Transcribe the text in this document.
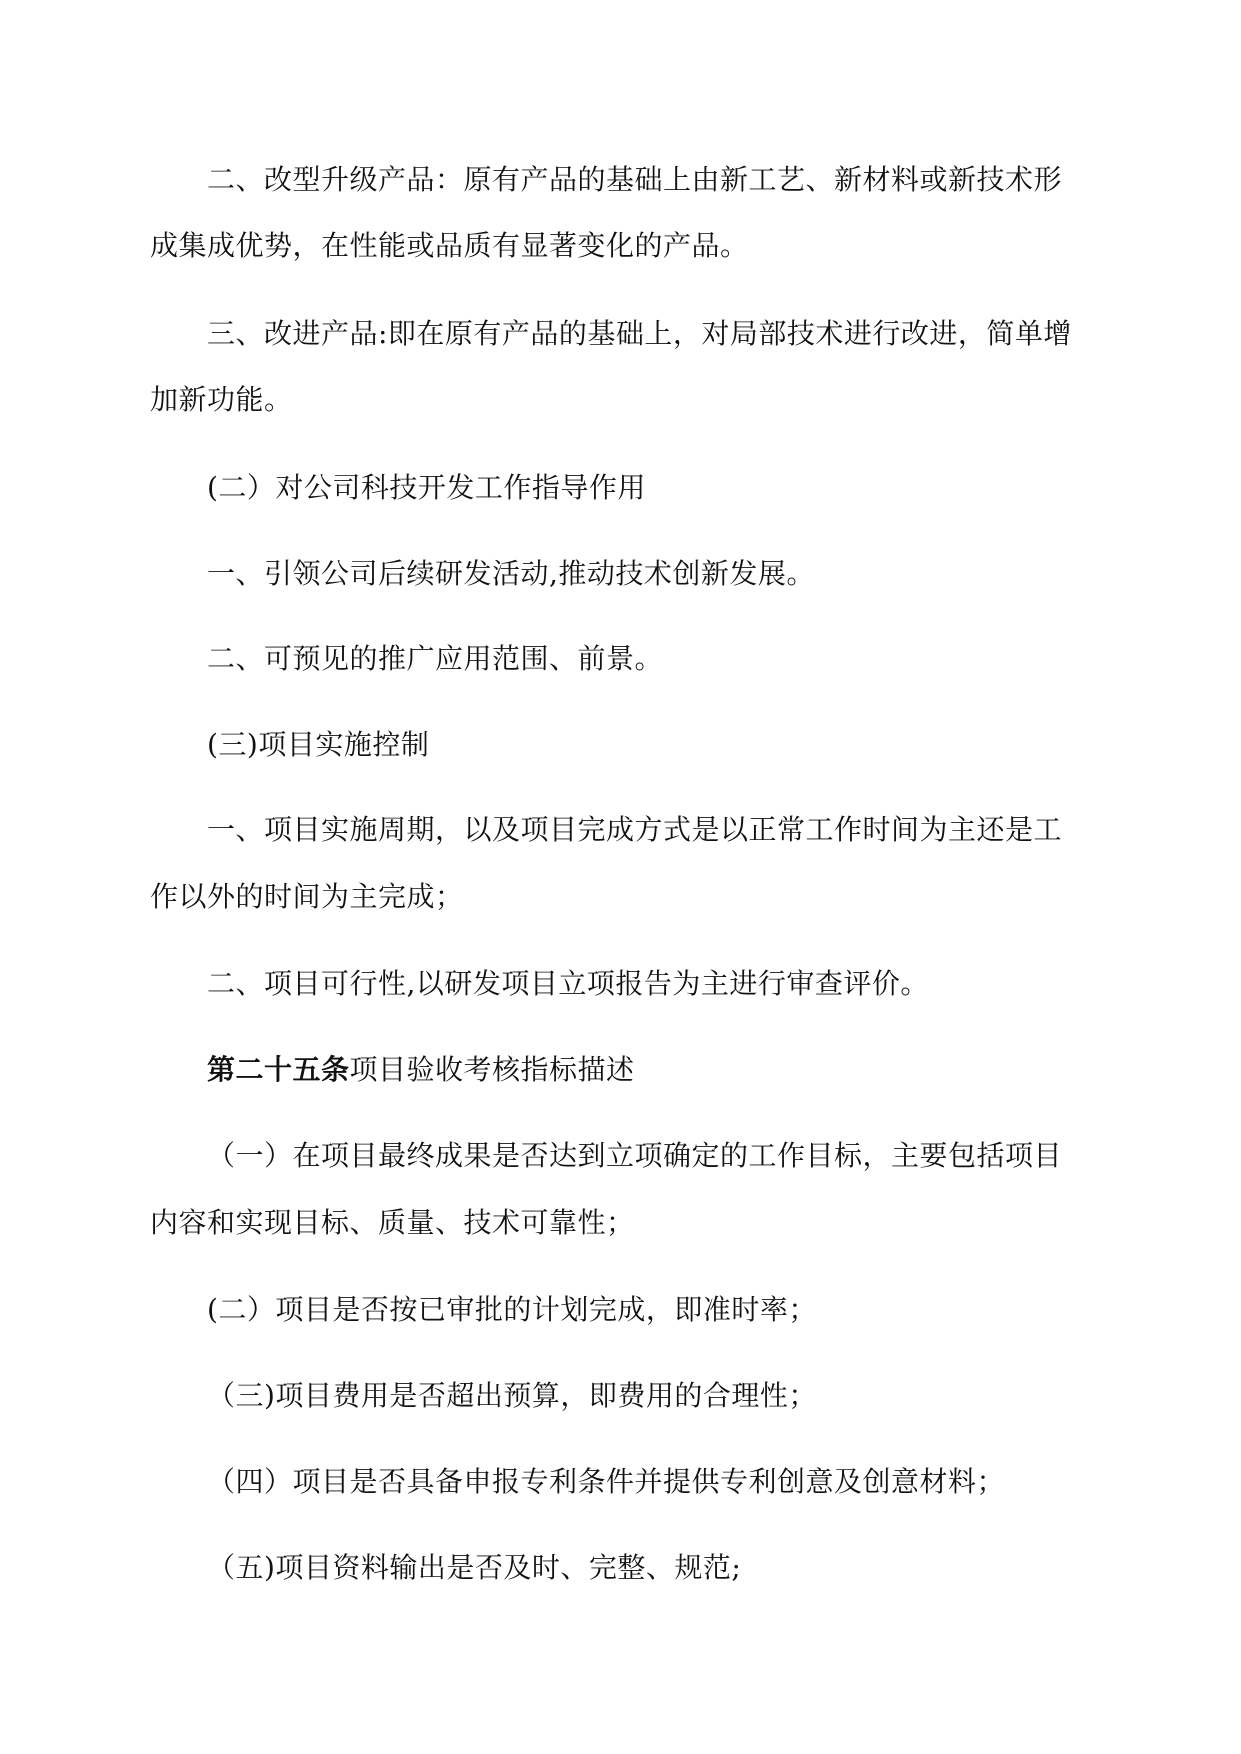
二、改型升级产品：原有产品的基础上由新工艺、新材料或新技术形
成集成优势，在性能或品质有显著变化的产品。
三、改进产品:即在原有产品的基础上，对局部技术进行改进，简单增
加新功能。
(二）对公司科技开发工作指导作用
一、引领公司后续研发活动,推动技术创新发展。
二、可预见的推广应用范围、前景。
(三)项目实施控制
一、项目实施周期，以及项目完成方式是以正常工作时间为主还是工
作以外的时间为主完成；
二、项目可行性,以研发项目立项报告为主进行审查评价。
第二十五条项目验收考核指标描述
（一）在项目最终成果是否达到立项确定的工作目标，主要包括项目
内容和实现目标、质量、技术可靠性；
(二）项目是否按已审批的计划完成，即准时率；
（三)项目费用是否超出预算，即费用的合理性；
（四）项目是否具备申报专利条件并提供专利创意及创意材料；
（五)项目资料输出是否及时、完整、规范;
